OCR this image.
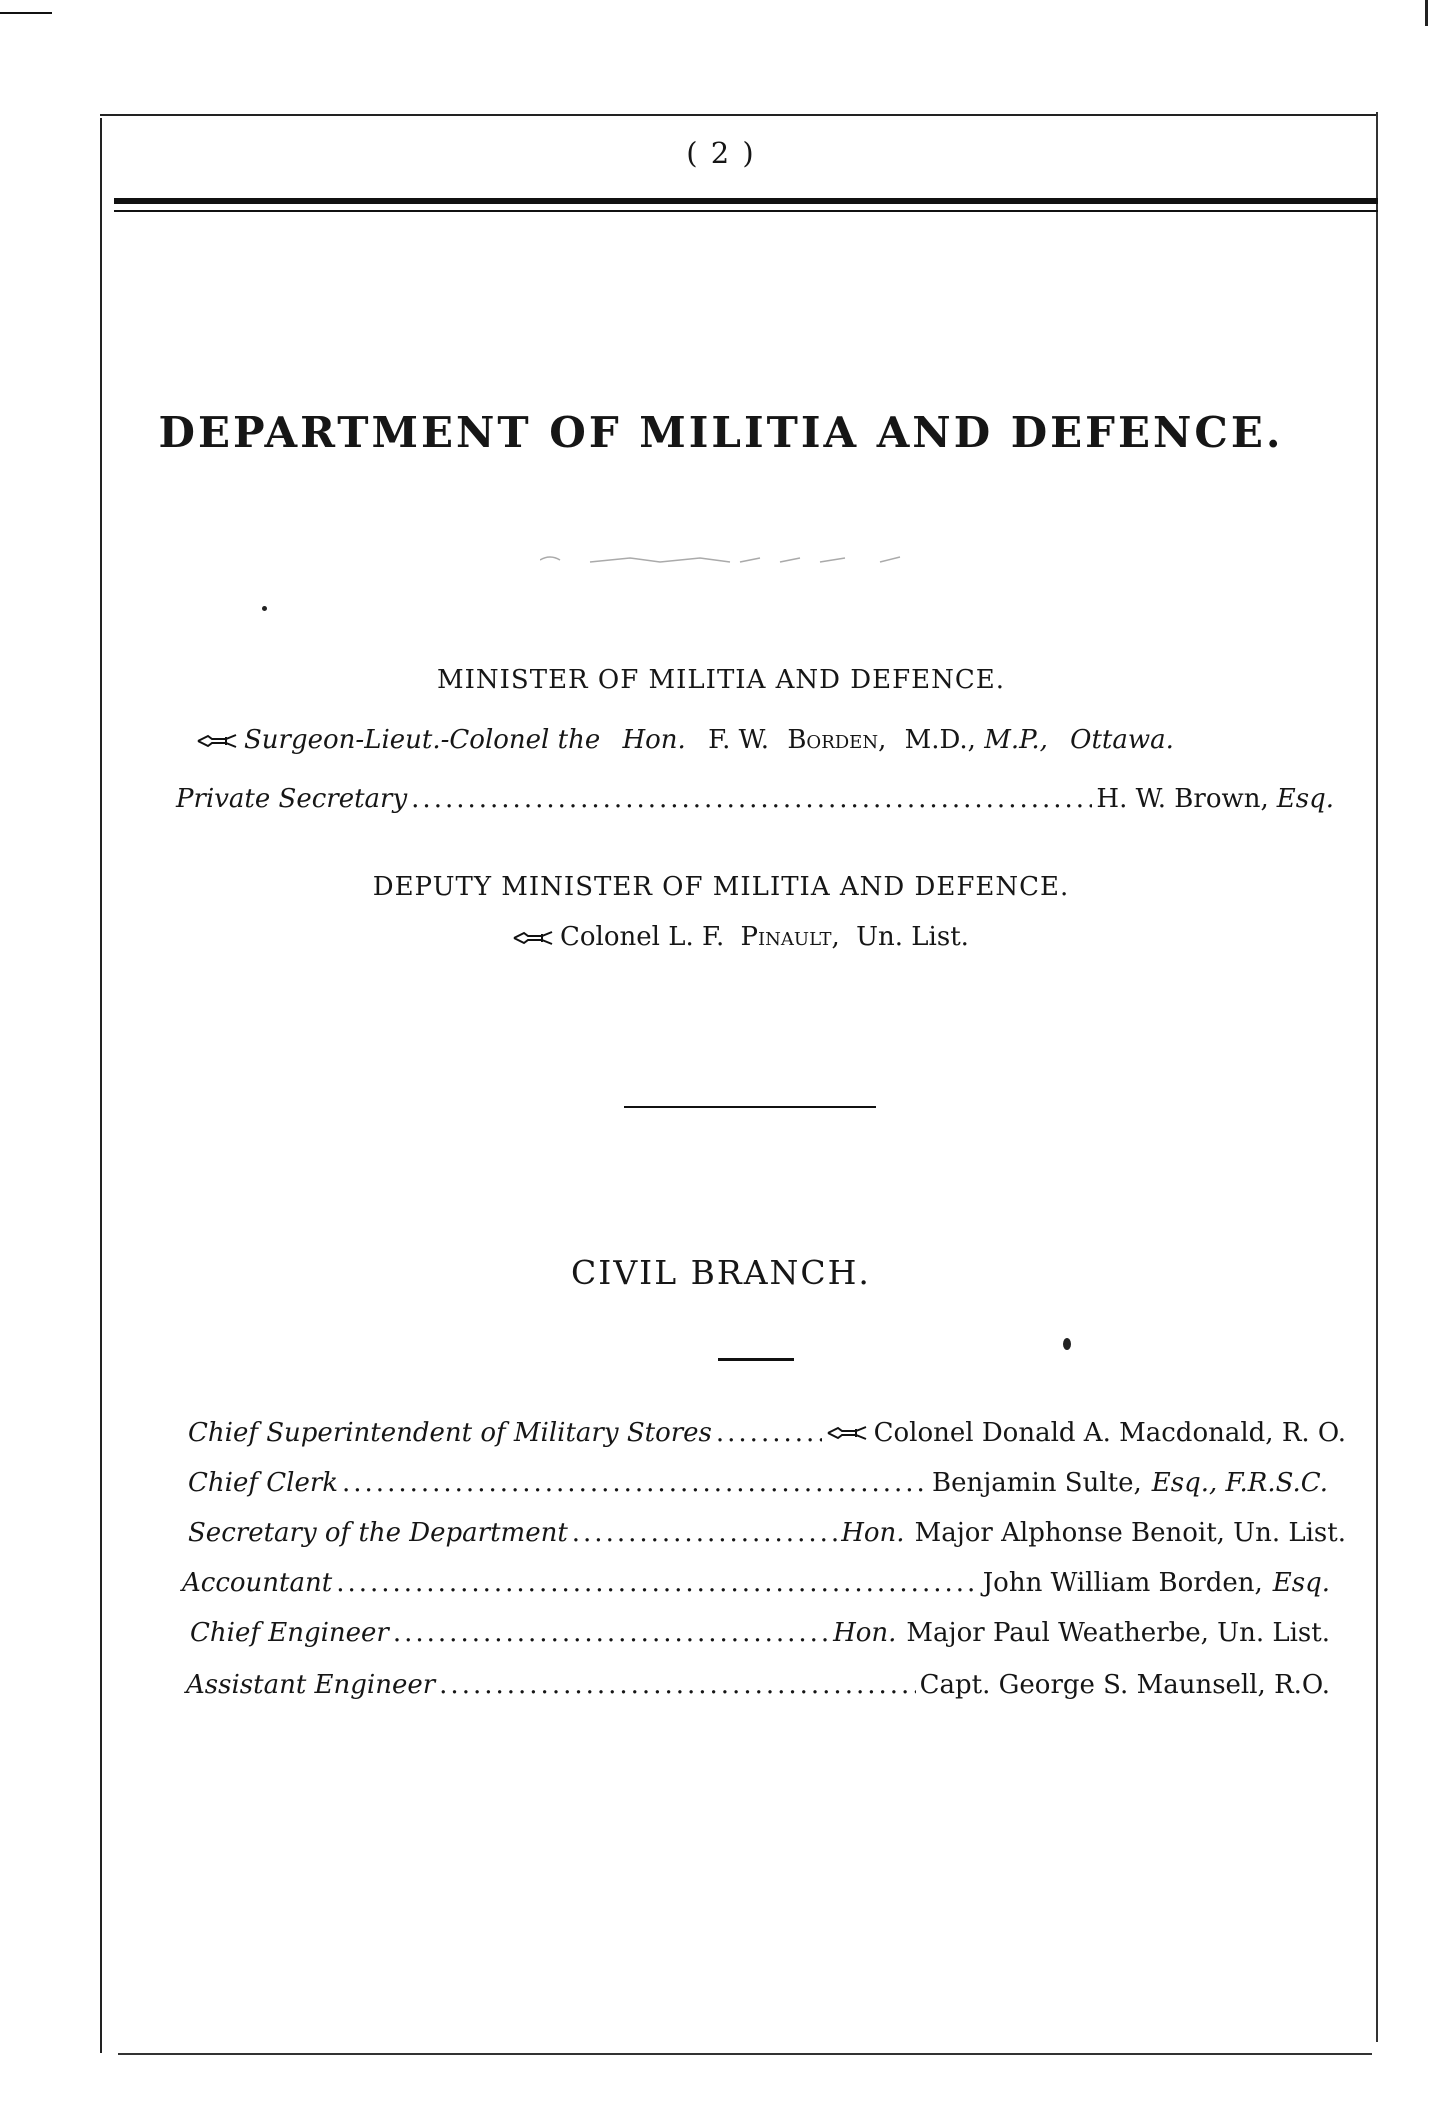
( 2 )
DEPARTMENT OF MILITIA AND DEFENCE.
MINISTER OF MILITIA AND DEFENCE.
Surgeon-Lieut.-Colonel the Hon. F. W. Borden, M.D., M.P., Ottawa.
Private Secretary .....	H. W. Brown, Esq.
DEPUTY MINISTER OF MILITIA AND DEFENCE.
Colonel L. F. Pinault, Un. List.
CIVIL BRANCH.
Chief Superintendent of Military Stores .....	Colonel Donald A. Macdonald, R. O.
Chief Clerk .....	Benjamin Sulte, Esq., F.R.S.C.
Secretary of the Department .....	Hon. Major Alphonse Benoit, Un. List.
Accountant .....	John William Borden, Esq.
Chief Engineer .....	Hon. Major Paul Weatherbe, Un. List.
Assistant Engineer .....	Capt. George S. Maunsell, R.O.
